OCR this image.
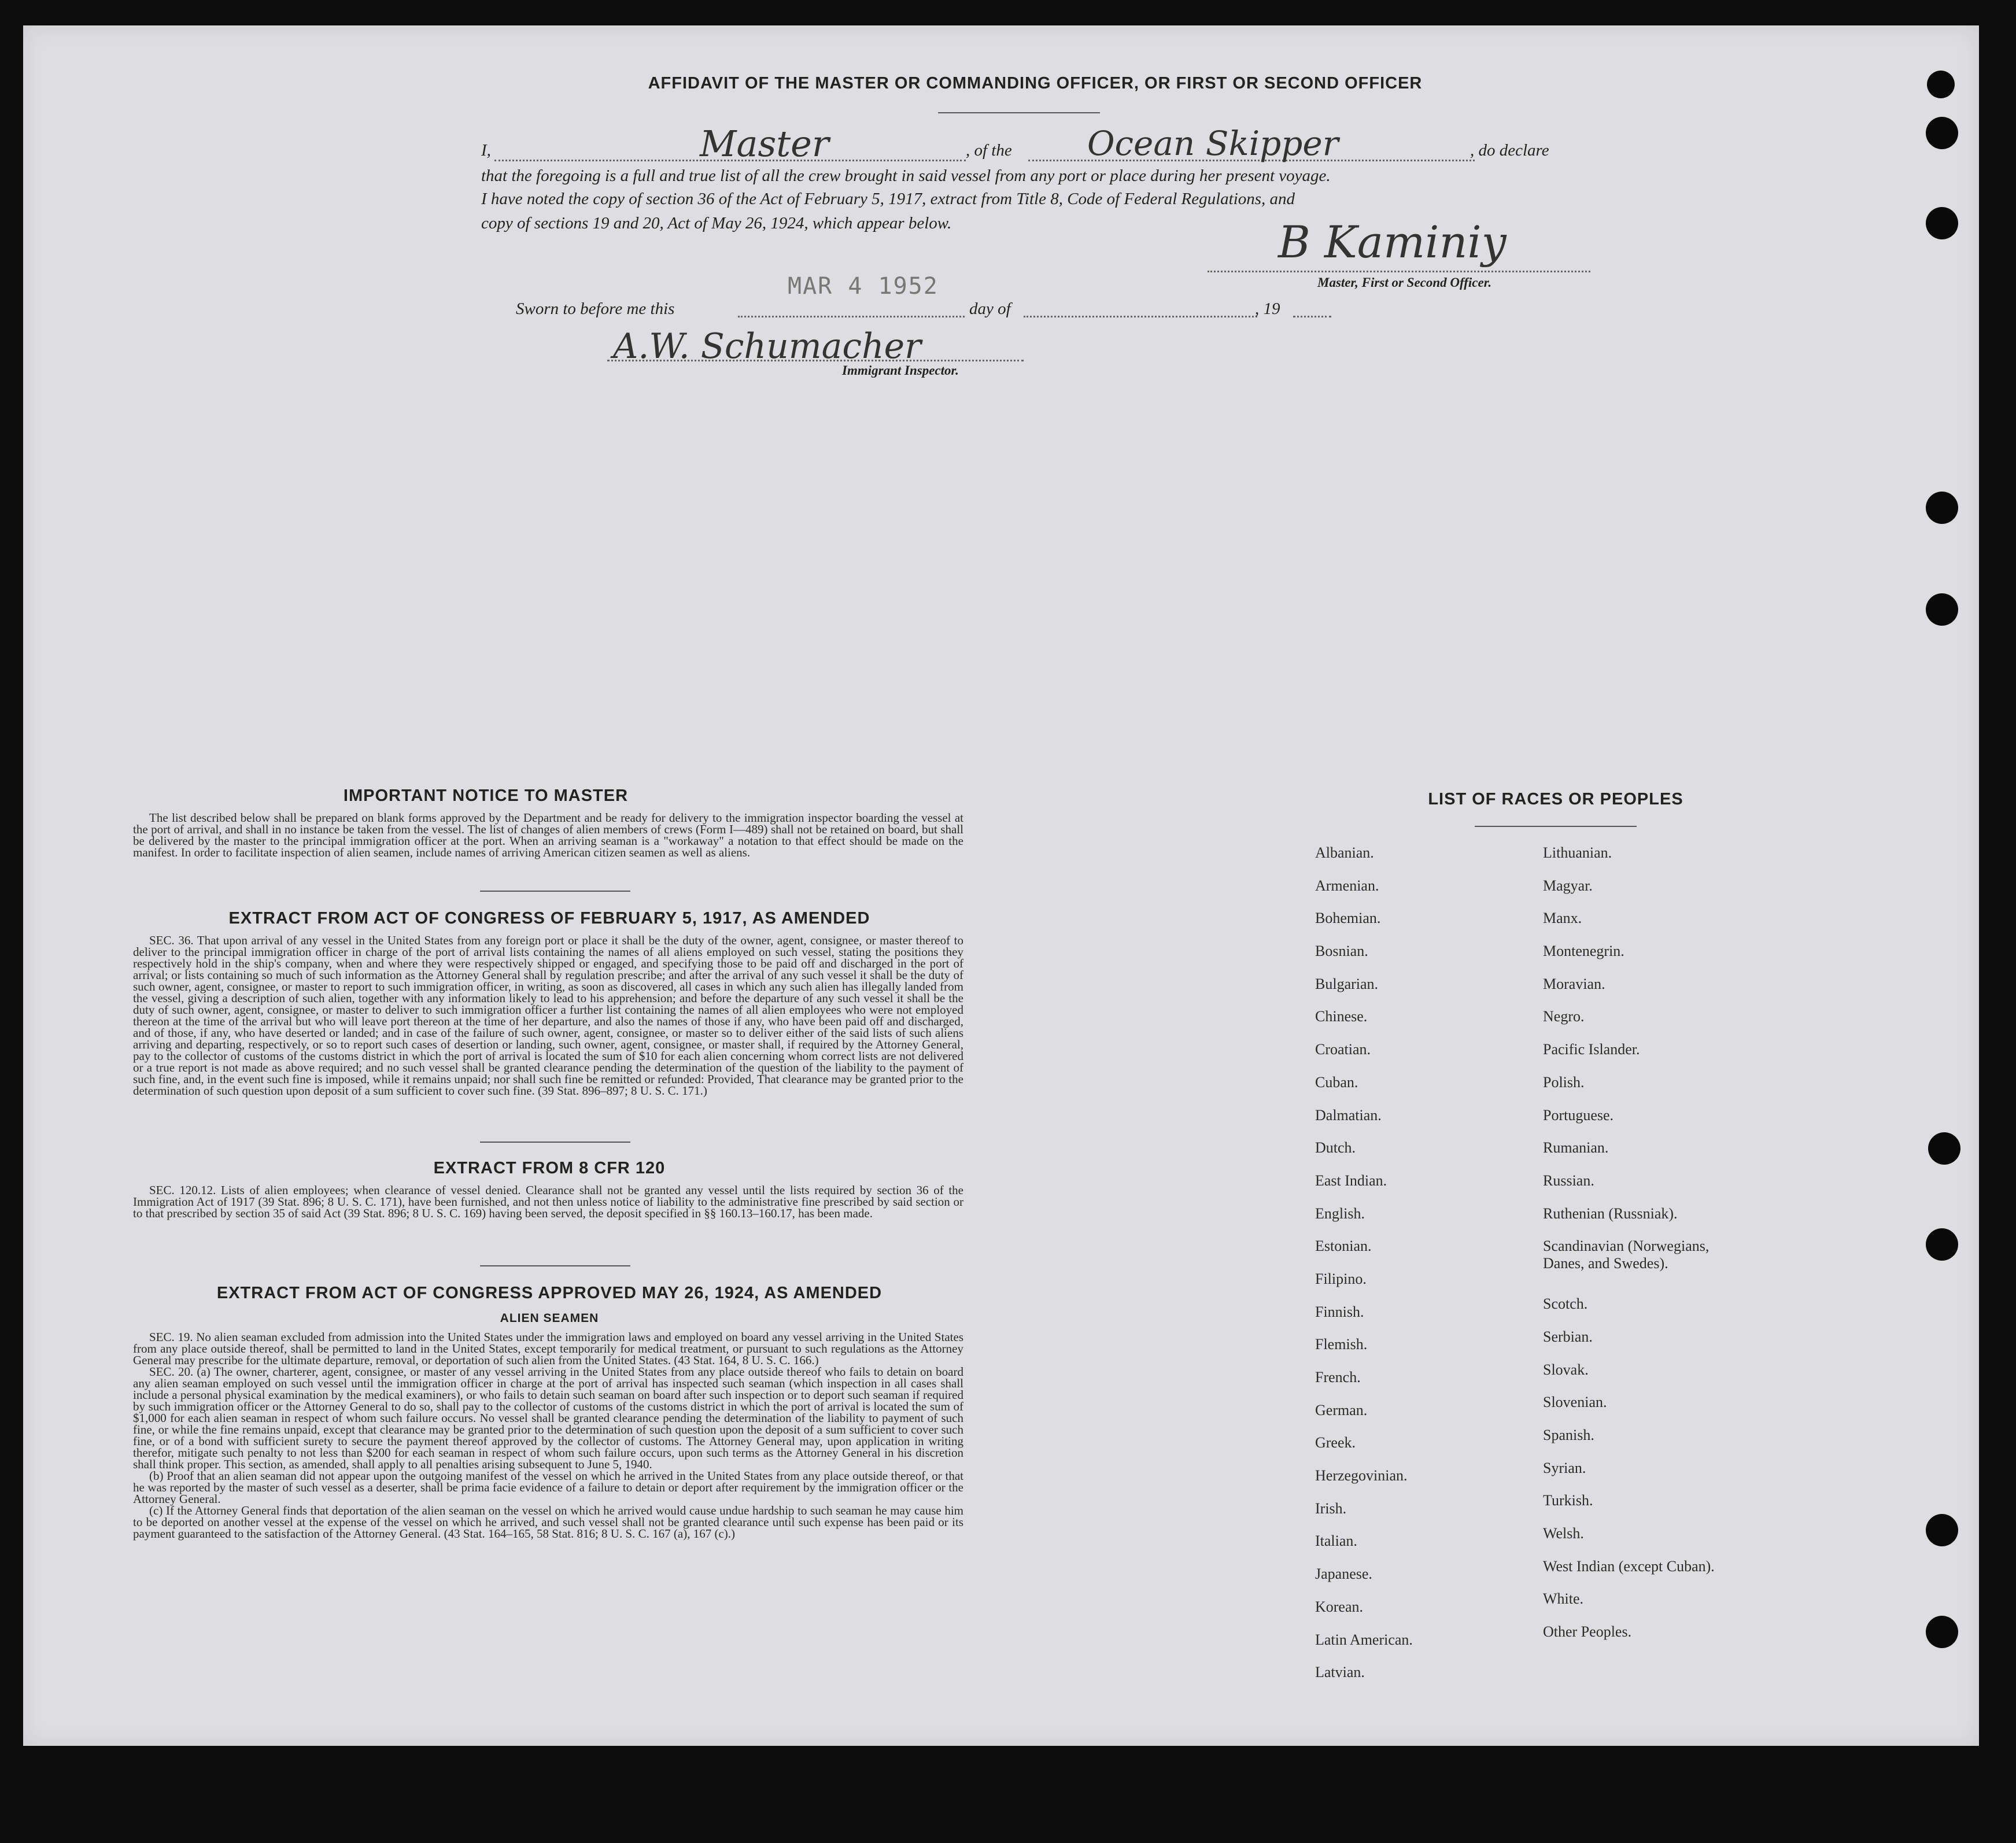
AFFIDAVIT OF THE MASTER OR COMMANDING OFFICER, OR FIRST OR SECOND OFFICER
I,	Master	, of the Ocean Skipper	, do declare
that the foregoing is a full and true list of all the crew brought in said vessel from any port or place during her present voyage.
I have noted the copy of section 36 of the Act of February 5, 1917, extract from Title 8, Code of Federal Regulations, and
copy of sections 19 and 20, Act of May 26, 1924, which appear below.	B Kaminiy
Master, First or Second Officer.
MAR 4 1952
Sworn to before me this	day of	, 19
A.W. Schumacher
Immigrant Inspector.
IMPORTANT NOTICE TO MASTER

The list described below shall be prepared on blank forms approved by the Department and be ready for delivery to the immigration inspector boarding the vessel at the port of arrival, and shall in no instance be taken from the vessel. The list of changes of alien members of crews (Form I—489) shall not be retained on board, but shall be delivered by the master to the principal immigration officer at the port. When an arriving seaman is a "workaway" a notation to that effect should be made on the manifest. In order to facilitate inspection of alien seamen, include names of arriving American citizen seamen as well as aliens.

EXTRACT FROM ACT OF CONGRESS OF FEBRUARY 5, 1917, AS AMENDED

SEC. 36. That upon arrival of any vessel in the United States from any foreign port or place it shall be the duty of the owner, agent, consignee, or master thereof to deliver to the principal immigration officer in charge of the port of arrival lists containing the names of all aliens employed on such vessel, stating the positions they respectively hold in the ship's company, when and where they were respectively shipped or engaged, and specifying those to be paid off and discharged in the port of arrival; or lists containing so much of such information as the Attorney General shall by regulation prescribe; and after the arrival of any such vessel it shall be the duty of such owner, agent, consignee, or master to report to such immigration officer, in writing, as soon as discovered, all cases in which any such alien has illegally landed from the vessel, giving a description of such alien, together with any information likely to lead to his apprehension; and before the departure of any such vessel it shall be the duty of such owner, agent, consignee, or master to deliver to such immigration officer a further list containing the names of all alien employees who were not employed thereon at the time of the arrival but who will leave port thereon at the time of her departure, and also the names of those if any, who have been paid off and discharged, and of those, if any, who have deserted or landed; and in case of the failure of such owner, agent, consignee, or master so to deliver either of the said lists of such aliens arriving and departing, respectively, or so to report such cases of desertion or landing, such owner, agent, consignee, or master shall, if required by the Attorney General, pay to the collector of customs of the customs district in which the port of arrival is located the sum of $10 for each alien concerning whom correct lists are not delivered or a true report is not made as above required; and no such vessel shall be granted clearance pending the determination of the question of the liability to the payment of such fine, and, in the event such fine is imposed, while it remains unpaid; nor shall such fine be remitted or refunded: Provided, That clearance may be granted prior to the determination of such question upon deposit of a sum sufficient to cover such fine. (39 Stat. 896–897; 8 U. S. C. 171.)

EXTRACT FROM 8 CFR 120

SEC. 120.12. Lists of alien employees; when clearance of vessel denied. Clearance shall not be granted any vessel until the lists required by section 36 of the Immigration Act of 1917 (39 Stat. 896; 8 U. S. C. 171), have been furnished, and not then unless notice of liability to the administrative fine prescribed by said section or to that prescribed by section 35 of said Act (39 Stat. 896; 8 U. S. C. 169) having been served, the deposit specified in §§ 160.13–160.17, has been made.

EXTRACT FROM ACT OF CONGRESS APPROVED MAY 26, 1924, AS AMENDED
ALIEN SEAMEN

SEC. 19. No alien seaman excluded from admission into the United States under the immigration laws and employed on board any vessel arriving in the United States from any place outside thereof, shall be permitted to land in the United States, except temporarily for medical treatment, or pursuant to such regulations as the Attorney General may prescribe for the ultimate departure, removal, or deportation of such alien from the United States. (43 Stat. 164, 8 U. S. C. 166.)

SEC. 20. (a) The owner, charterer, agent, consignee, or master of any vessel arriving in the United States from any place outside thereof who fails to detain on board any alien seaman employed on such vessel until the immigration officer in charge at the port of arrival has inspected such seaman (which inspection in all cases shall include a personal physical examination by the medical examiners), or who fails to detain such seaman on board after such inspection or to deport such seaman if required by such immigration officer or the Attorney General to do so, shall pay to the collector of customs of the customs district in which the port of arrival is located the sum of $1,000 for each alien seaman in respect of whom such failure occurs. No vessel shall be granted clearance pending the determination of the liability to payment of such fine, or while the fine remains unpaid, except that clearance may be granted prior to the determination of such question upon the deposit of a sum sufficient to cover such fine, or of a bond with sufficient surety to secure the payment thereof approved by the collector of customs. The Attorney General may, upon application in writing therefor, mitigate such penalty to not less than $200 for each seaman in respect of whom such failure occurs, upon such terms as the Attorney General in his discretion shall think proper. This section, as amended, shall apply to all penalties arising subsequent to June 5, 1940.

(b) Proof that an alien seaman did not appear upon the outgoing manifest of the vessel on which he arrived in the United States from any place outside thereof, or that he was reported by the master of such vessel as a deserter, shall be prima facie evidence of a failure to detain or deport after requirement by the immigration officer or the Attorney General.

(c) If the Attorney General finds that deportation of the alien seaman on the vessel on which he arrived would cause undue hardship to such seaman he may cause him to be deported on another vessel at the expense of the vessel on which he arrived, and such vessel shall not be granted clearance until such expense has been paid or its payment guaranteed to the satisfaction of the Attorney General. (43 Stat. 164–165, 58 Stat. 816; 8 U. S. C. 167 (a), 167 (c).)

LIST OF RACES OR PEOPLES
Albanian.
Armenian.
Bohemian.
Bosnian.
Bulgarian.
Chinese.
Croatian.
Cuban.
Dalmatian.
Dutch.
East Indian.
English.
Estonian.
Filipino.
Finnish.
Flemish.
French.
German.
Greek.
Herzegovinian.
Irish.
Italian.
Japanese.
Korean.
Latin American.
Latvian.
Lithuanian.
Magyar.
Manx.
Montenegrin.
Moravian.
Negro.
Pacific Islander.
Polish.
Portuguese.
Rumanian.
Russian.
Ruthenian (Russniak).
Scandinavian (Norwegians, Danes, and Swedes).
Scotch.
Serbian.
Slovak.
Slovenian.
Spanish.
Syrian.
Turkish.
Welsh.
West Indian (except Cuban).
White.
Other Peoples.
